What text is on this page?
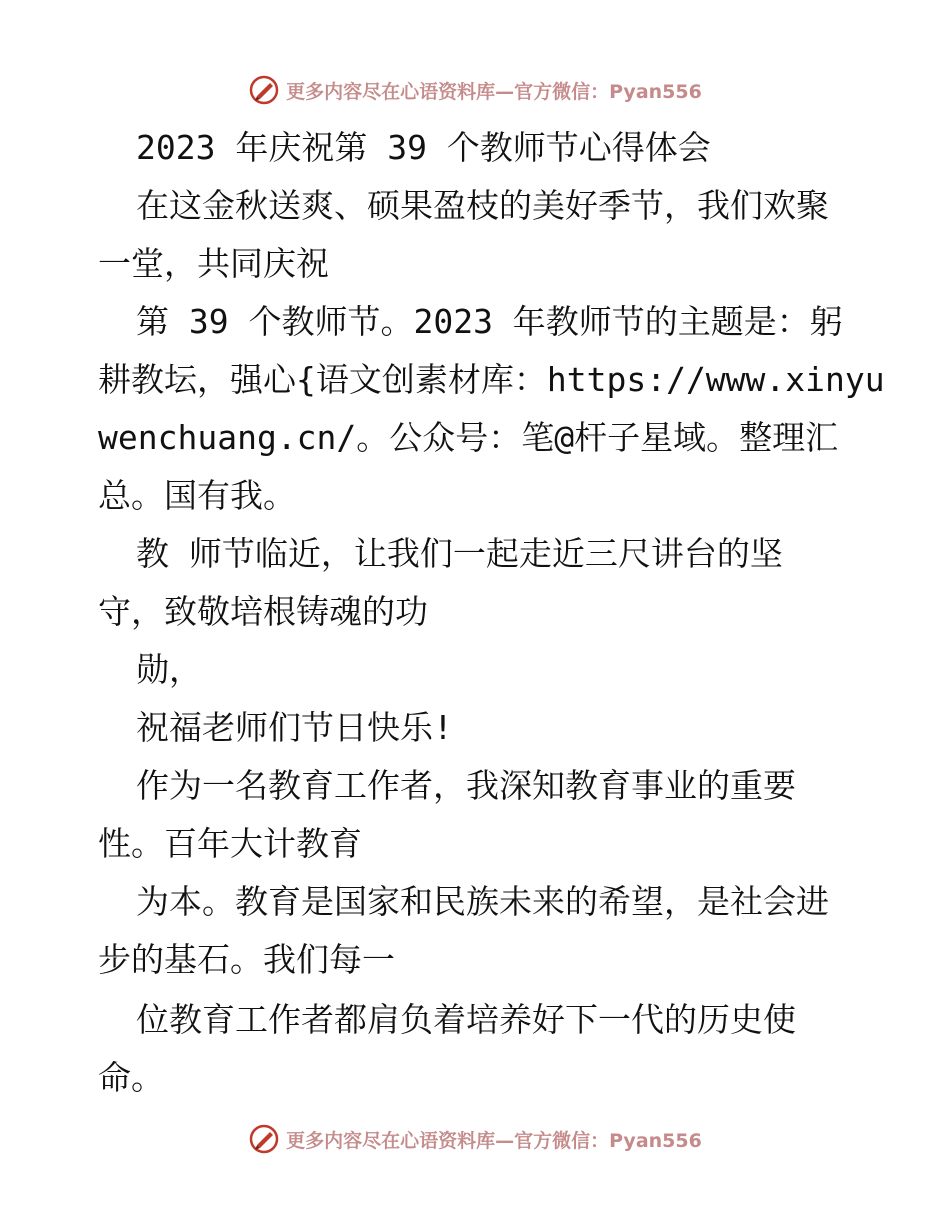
更多内容尽在心语资料库—官方微信：Pyan556
2023 年庆祝第 39 个教师节心得体会
在这金秋送爽、硕果盈枝的美好季节，我们欢聚
一堂，共同庆祝
第 39 个教师节。2023 年教师节的主题是：躬
耕教坛，强心{语文创素材库：https://www.xinyu
wenchuang.cn/。公众号：笔@杆子星域。整理汇
总。国有我。
教 师节临近，让我们一起走近三尺讲台的坚
守，致敬培根铸魂的功
勋，
祝福老师们节日快乐!
作为一名教育工作者，我深知教育事业的重要
性。百年大计教育
为本。教育是国家和民族未来的希望，是社会进
步的基石。我们每一
位教育工作者都肩负着培养好下一代的历史使
命。
更多内容尽在心语资料库—官方微信：Pyan556
